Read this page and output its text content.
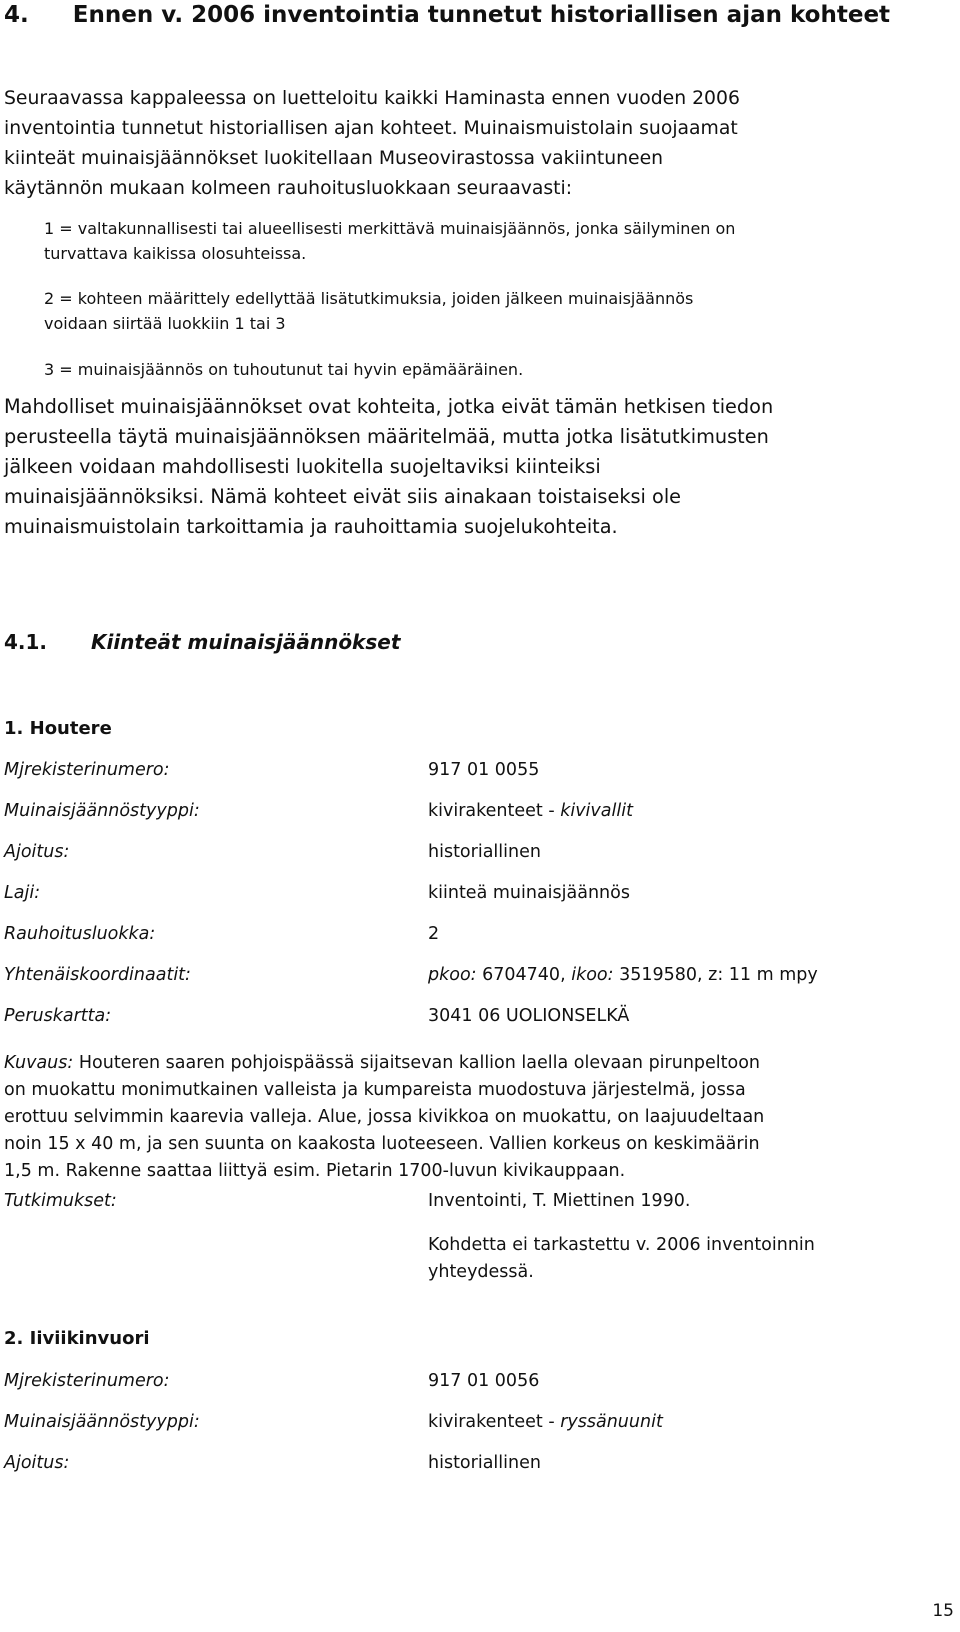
4. Ennen v. 2006 inventointia tunnetut historiallisen ajan kohteet
Seuraavassa kappaleessa on luetteloitu kaikki Haminasta ennen vuoden 2006
inventointia tunnetut historiallisen ajan kohteet. Muinaismuistolain suojaamat
kiinteät muinaisjäännökset luokitellaan Museovirastossa vakiintuneen
käytännön mukaan kolmeen rauhoitusluokkaan seuraavasti:
1 = valtakunnallisesti tai alueellisesti merkittävä muinaisjäännös, jonka säilyminen on
turvattava kaikissa olosuhteissa.
2 = kohteen määrittely edellyttää lisätutkimuksia, joiden jälkeen muinaisjäännös
voidaan siirtää luokkiin 1 tai 3
3 = muinaisjäännös on tuhoutunut tai hyvin epämääräinen.
Mahdolliset muinaisjäännökset ovat kohteita, jotka eivät tämän hetkisen tiedon
perusteella täytä muinaisjäännöksen määritelmää, mutta jotka lisätutkimusten
jälkeen voidaan mahdollisesti luokitella suojeltaviksi kiinteiksi
muinaisjäännöksiksi. Nämä kohteet eivät siis ainakaan toistaiseksi ole
muinaismuistolain tarkoittamia ja rauhoittamia suojelukohteita.
4.1. Kiinteät muinaisjäännökset
1. Houtere
Mjrekisterinumero:	917 01 0055
Muinaisjäännöstyyppi:	kivirakenteet - kivivallit
Ajoitus:	historiallinen
Laji:	kiinteä muinaisjäännös
Rauhoitusluokka:	2
Yhtenäiskoordinaatit:	pkoo: 6704740, ikoo: 3519580, z: 11 m mpy
Peruskartta:	3041 06 UOLIONSELKÄ
Kuvaus: Houteren saaren pohjoispäässä sijaitsevan kallion laella olevaan pirunpeltoon
on muokattu monimutkainen valleista ja kumpareista muodostuva järjestelmä, jossa
erottuu selvimmin kaarevia valleja. Alue, jossa kivikkoa on muokattu, on laajuudeltaan
noin 15 x 40 m, ja sen suunta on kaakosta luoteeseen. Vallien korkeus on keskimäärin
1,5 m. Rakenne saattaa liittyä esim. Pietarin 1700-luvun kivikauppaan.
Tutkimukset:	Inventointi, T. Miettinen 1990.
Kohdetta ei tarkastettu v. 2006 inventoinnin
yhteydessä.
2. Iiviikinvuori
Mjrekisterinumero:	917 01 0056
Muinaisjäännöstyyppi:	kivirakenteet - ryssänuunit
Ajoitus:	historiallinen
15
